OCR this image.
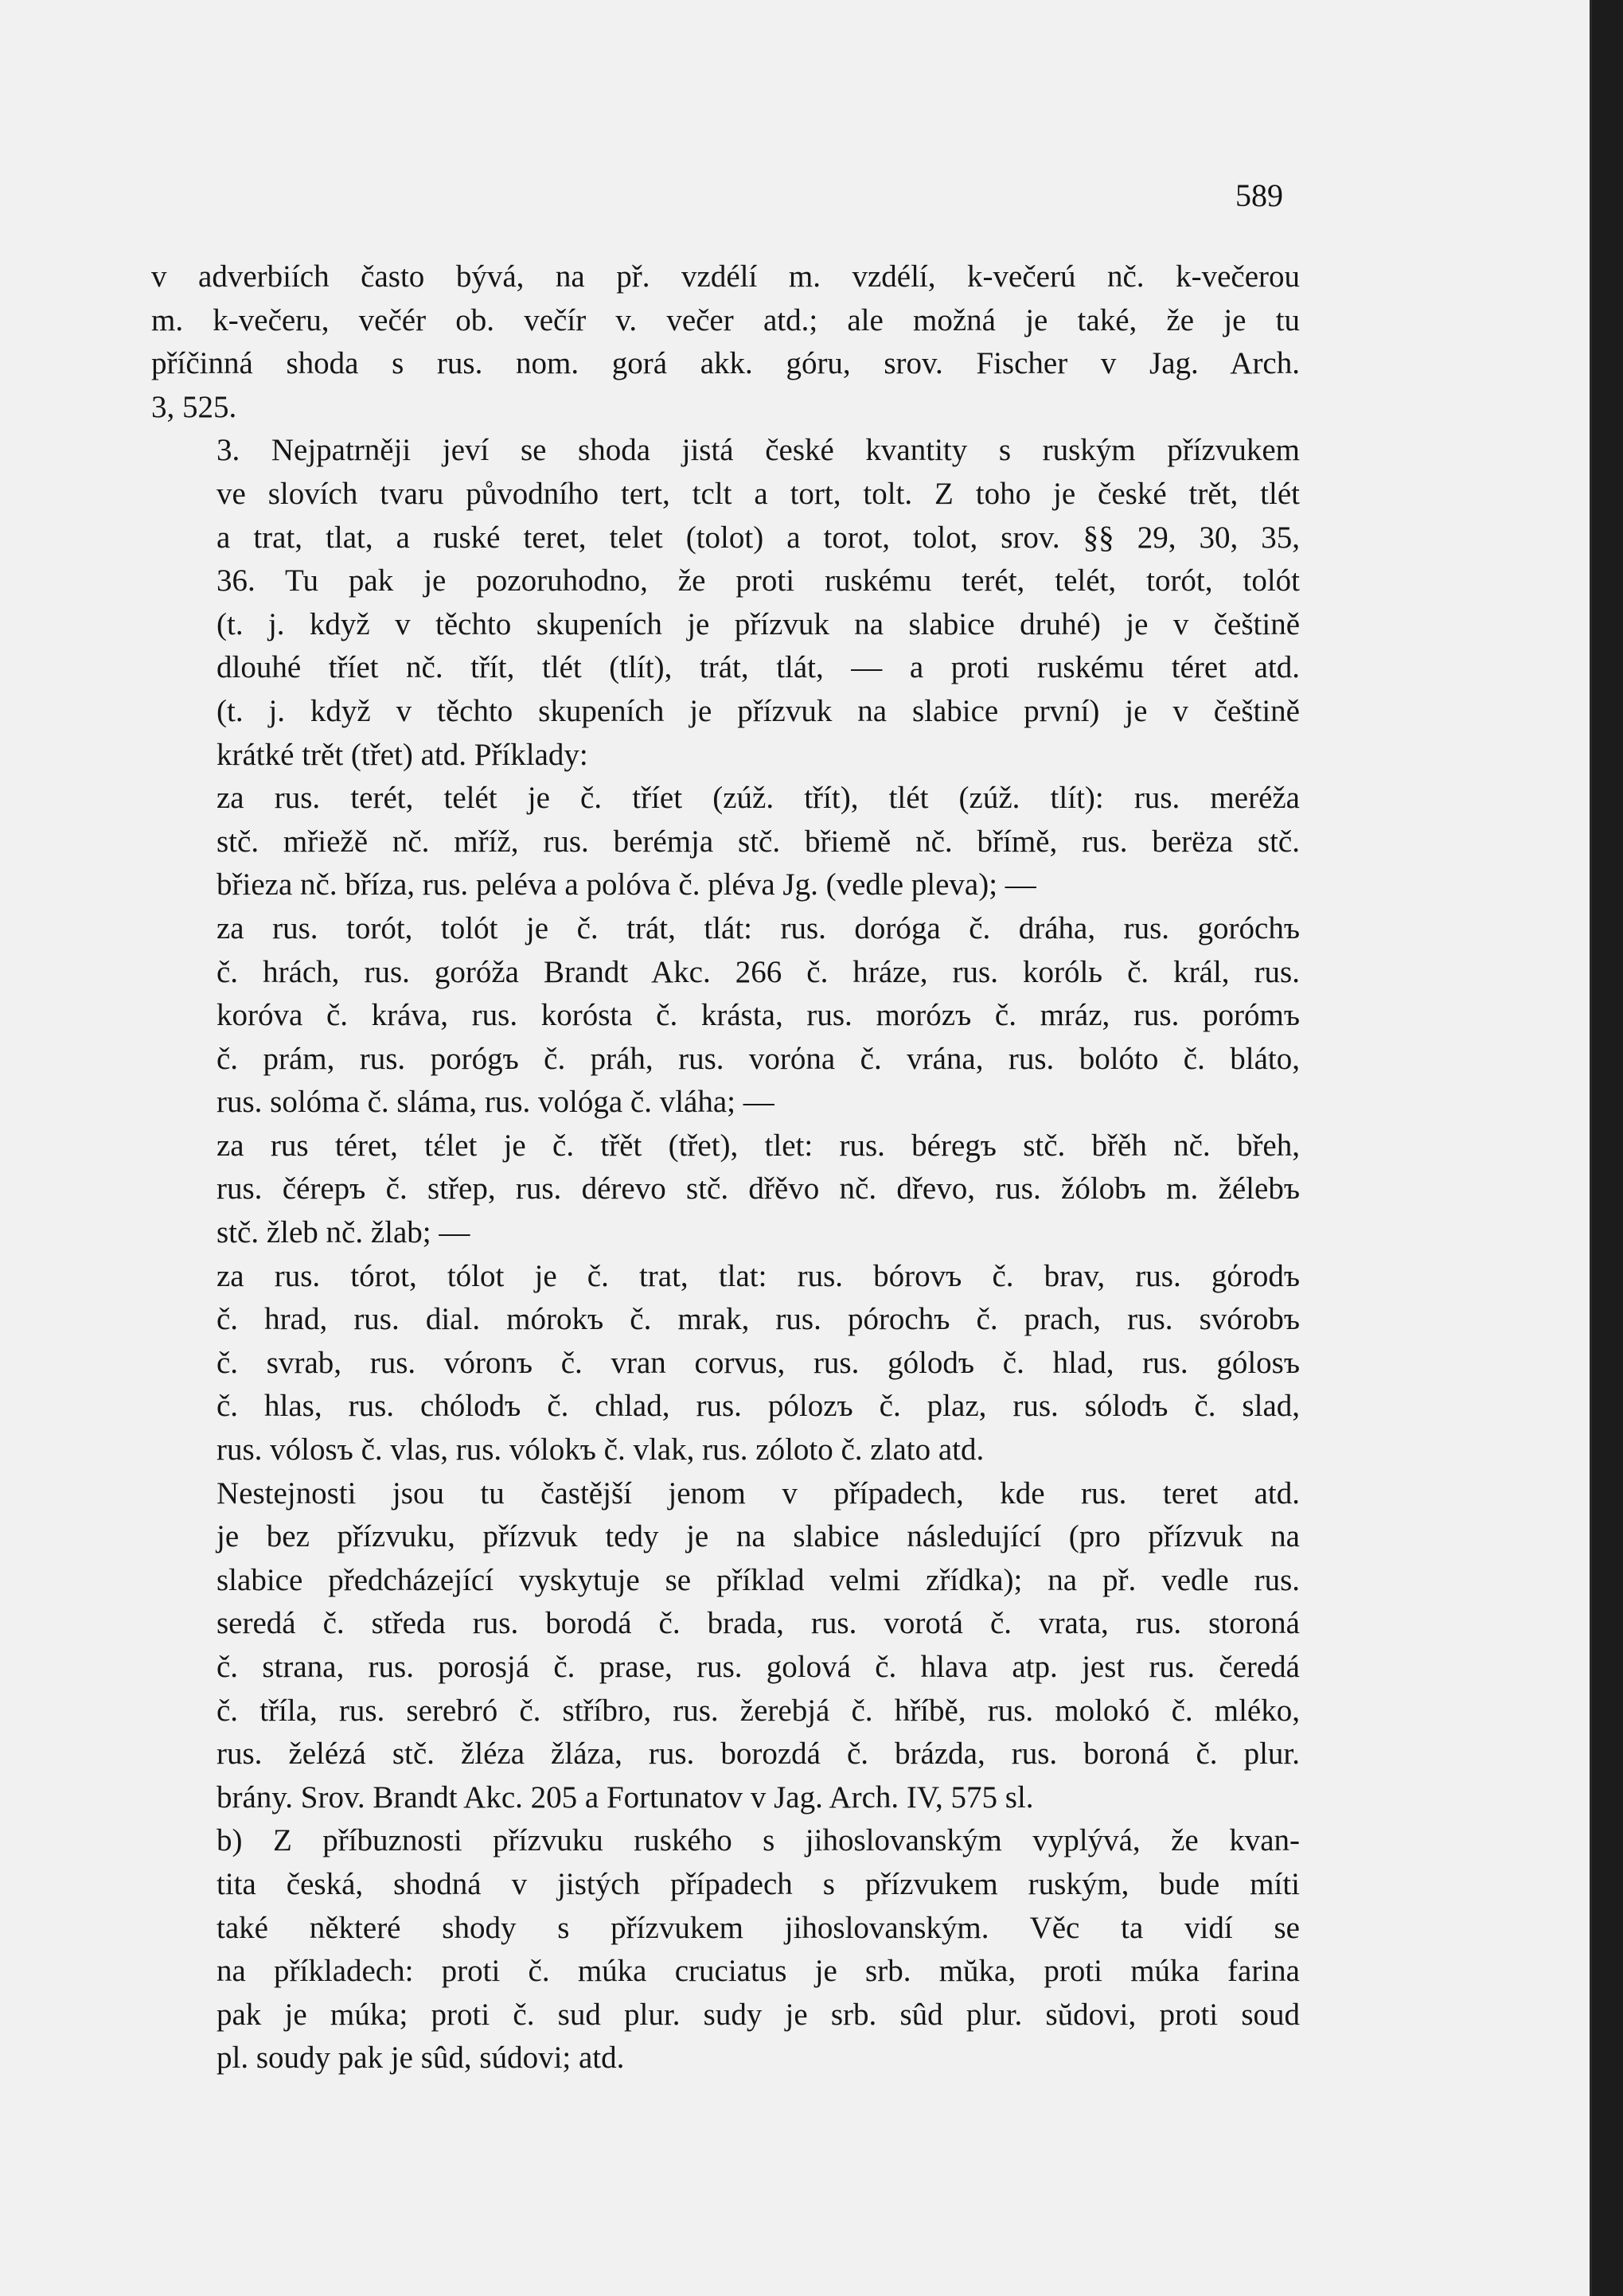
589

v adverbiích často bývá, na př. vzdélí m. vzdélí, k-večerú nč. k-večerou
m. k-večeru, večér ob. večír v. večer atd.; ale možná je také, že je tu
příčinná shoda s rus. nom. gorá akk. góru, srov. Fischer v Jag. Arch.
3, 525.

3. Nejpatrněji jeví se shoda jistá české kvantity s ruským přízvukem
ve slovích tvaru původního tert, tclt a tort, tolt. Z toho je české trět, tlét
a trat, tlat, a ruské teret, telet (tolot) a torot, tolot, srov. §§ 29, 30, 35,
36. Tu pak je pozoruhodno, že proti ruskému terét, telét, torót, tolót
(t. j. když v těchto skupeních je přízvuk na slabice druhé) je v češtině
dlouhé tříet nč. třít, tlét (tlít), trát, tlát, — a proti ruskému téret atd.
(t. j. když v těchto skupeních je přízvuk na slabice první) je v češtině
krátké trět (třet) atd. Příklady:

za rus. terét, telét je č. tříet (zúž. třít), tlét (zúž. tlít): rus. meréža
stč. mřiežě nč. mříž, rus. berémja stč. břiemě nč. břímě, rus. berëza stč.
břieza nč. bříza, rus. peléva a polóva č. pléva Jg. (vedle pleva); —

za rus. torót, tolót je č. trát, tlát: rus. doróga č. dráha, rus. goróchъ
č. hrách, rus. goróža Brandt Akc. 266 č. hráze, rus. korólь č. král, rus.
koróva č. kráva, rus. korósta č. krásta, rus. morózъ č. mráz, rus. porómъ
č. prám, rus. porógъ č. práh, rus. vorόna č. vrána, rus. bolóto č. bláto,
rus. solóma č. sláma, rus. vológa č. vláha; —

za rus téret, tέlet je č. třět (třet), tlet: rus. béregъ stč. břěh nč. břeh,
rus. čéreръ č. střep, rus. dérevo stč. dřěvo nč. dřevo, rus. žólobъ m. žélebъ
stč. žleb nč. žlab; —

za rus. tórot, tólot je č. trat, tlat: rus. bórovъ č. brav, rus. gόrodъ
č. hrad, rus. dial. mórokъ č. mrak, rus. pórochъ č. prach, rus. svórobъ
č. svrab, rus. vóronъ č. vran corvus, rus. gólodъ č. hlad, rus. gólosъ
č. hlas, rus. chólodъ č. chlad, rus. pólozъ č. plaz, rus. sólodъ č. slad,
rus. vólosъ č. vlas, rus. vólokъ č. vlak, rus. zóloto č. zlato atd.

Nestejnosti jsou tu častější jenom v případech, kde rus. teret atd.
je bez přízvuku, přízvuk tedy je na slabice následující (pro přízvuk na
slabice předcházející vyskytuje se příklad velmi zřídka); na př. vedle rus.
seredá č. středa rus. borodá č. brada, rus. vorotá č. vrata, rus. storoná
č. strana, rus. porosjá č. prase, rus. golová č. hlava atp. jest rus. čeredá
č. tříla, rus. serebró č. stříbro, rus. žerebjá č. hříbě, rus. molokó č. mléko,
rus. želézá stč. žléza žláza, rus. borozdá č. brázda, rus. boroná č. plur.
brány. Srov. Brandt Akc. 205 a Fortunatov v Jag. Arch. IV, 575 sl.

b) Z příbuznosti přízvuku ruského s jihoslovanským vyplývá, že kvan-
tita česká, shodná v jistých případech s přízvukem ruským, bude míti
také některé shody s přízvukem jihoslovanským. Věc ta vidí se
na příkladech: proti č. múka cruciatus je srb. mŭka, proti múka farina
pak je múka; proti č. sud plur. sudy je srb. sûd plur. sŭdovi, proti soud
pl. soudy pak je sûd, súdovi; atd.
